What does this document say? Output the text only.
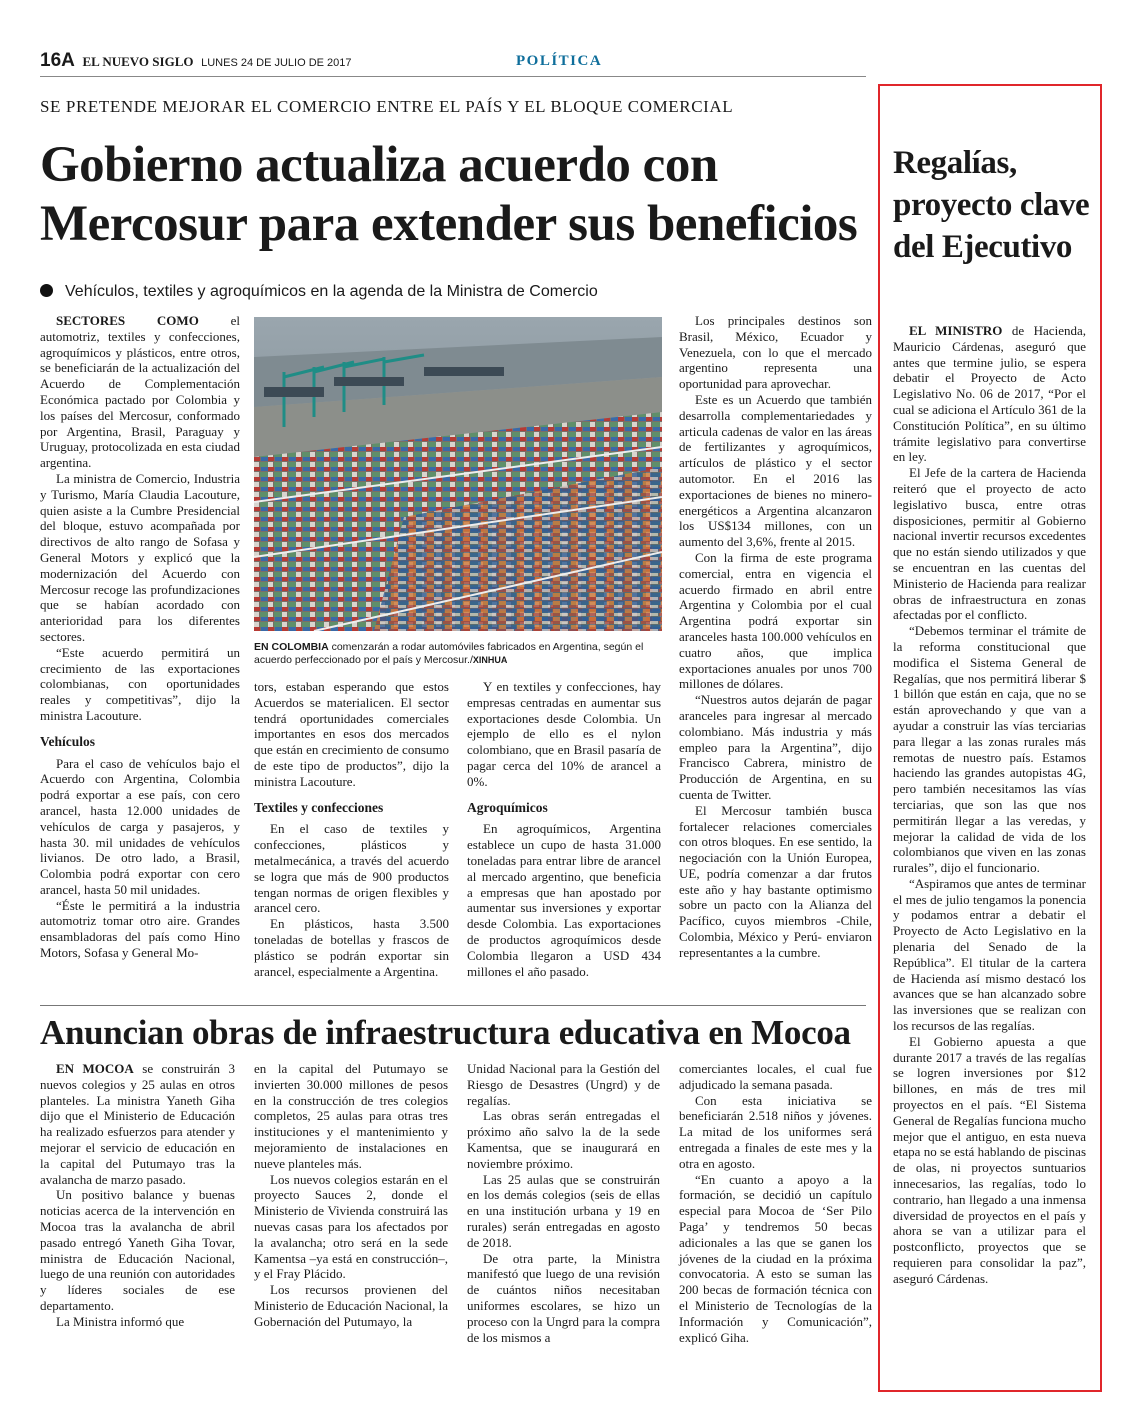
16A EL NUEVO SIGLO LUNES 24 DE JULIO DE 2017	POLÍTICA
SE PRETENDE MEJORAR EL COMERCIO ENTRE EL PAÍS Y EL BLOQUE COMERCIAL
Gobierno actualiza acuerdo con
Mercosur para extender sus beneficios
Vehículos, textiles y agroquímicos en la agenda de la Ministra de Comercio

SECTORES COMO el automotriz, textiles y confecciones, agroquímicos y plásticos, entre otros, se beneficiarán de la actualización del Acuerdo de Complementación Económica pactado por Colombia y los países del Mercosur, conformado por Argentina, Brasil, Paraguay y Uruguay, protocolizada en esta ciudad argentina.

La ministra de Comercio, Industria y Turismo, María Claudia Lacouture, quien asiste a la Cumbre Presidencial del bloque, estuvo acompañada por directivos de alto rango de Sofasa y General Motors y explicó que la modernización del Acuerdo con Mercosur recoge las profundizaciones que se habían acordado con anterioridad para los diferentes sectores.

“Este acuerdo permitirá un crecimiento de las exportaciones colombianas, con oportunidades reales y competitivas”, dijo la ministra Lacouture.

Vehículos

Para el caso de vehículos bajo el Acuerdo con Argentina, Colombia podrá exportar a ese país, con cero arancel, hasta 12.000 unidades de vehículos de carga y pasajeros, y hasta 30. mil unidades de vehículos livianos. De otro lado, a Brasil, Colombia podrá exportar con cero arancel, hasta 50 mil unidades.

“Éste le permitirá a la industria automotriz tomar otro aire. Grandes ensambladoras del país como Hino Motors, Sofasa y General Mo-

EN COLOMBIA comenzarán a rodar automóviles fabricados en Argentina, según el acuerdo perfeccionado por el país y Mercosur./XINHUA

tors, estaban esperando que estos Acuerdos se materialicen. El sector tendrá oportunidades comerciales importantes en esos dos mercados que están en crecimiento de consumo de este tipo de productos”, dijo la ministra Lacouture.

Textiles y confecciones

En el caso de textiles y confecciones, plásticos y metalmecánica, a través del acuerdo se logra que más de 900 productos tengan normas de origen flexibles y arancel cero.

En plásticos, hasta 3.500 toneladas de botellas y frascos de plástico se podrán exportar sin arancel, especialmente a Argentina.

Y en textiles y confecciones, hay empresas centradas en aumentar sus exportaciones desde Colombia. Un ejemplo de ello es el nylon colombiano, que en Brasil pasaría de pagar cerca del 10% de arancel a 0%.

Agroquímicos

En agroquímicos, Argentina establece un cupo de hasta 31.000 toneladas para entrar libre de arancel al mercado argentino, que beneficia a empresas que han apostado por aumentar sus inversiones y exportar desde Colombia. Las exportaciones de productos agroquímicos desde Colombia llegaron a USD 434 millones el año pasado.

Los principales destinos son Brasil, México, Ecuador y Venezuela, con lo que el mercado argentino representa una oportunidad para aprovechar.

Este es un Acuerdo que también desarrolla complementariedades y articula cadenas de valor en las áreas de fertilizantes y agroquímicos, artículos de plástico y el sector automotor. En el 2016 las exportaciones de bienes no minero-energéticos a Argentina alcanzaron los US$134 millones, con un aumento del 3,6%, frente al 2015.

Con la firma de este programa comercial, entra en vigencia el acuerdo firmado en abril entre Argentina y Colombia por el cual Argentina podrá exportar sin aranceles hasta 100.000 vehículos en cuatro años, que implica exportaciones anuales por unos 700 millones de dólares.

“Nuestros autos dejarán de pagar aranceles para ingresar al mercado colombiano. Más industria y más empleo para la Argentina”, dijo Francisco Cabrera, ministro de Producción de Argentina, en su cuenta de Twitter.

El Mercosur también busca fortalecer relaciones comerciales con otros bloques. En ese sentido, la negociación con la Unión Europea, UE, podría comenzar a dar frutos este año y hay bastante optimismo sobre un pacto con la Alianza del Pacífico, cuyos miembros -Chile, Colombia, México y Perú- enviaron representantes a la cumbre.

Anuncian obras de infraestructura educativa en Mocoa

EN MOCOA se construirán 3 nuevos colegios y 25 aulas en otros planteles. La ministra Yaneth Giha dijo que el Ministerio de Educación ha realizado esfuerzos para atender y mejorar el servicio de educación en la capital del Putumayo tras la avalancha de marzo pasado.

Un positivo balance y buenas noticias acerca de la intervención en Mocoa tras la avalancha de abril pasado entregó Yaneth Giha Tovar, ministra de Educación Nacional, luego de una reunión con autoridades y líderes sociales de ese departamento.

La Ministra informó que

en la capital del Putumayo se invierten 30.000 millones de pesos en la construcción de tres colegios completos, 25 aulas para otras tres instituciones y el mantenimiento y mejoramiento de instalaciones en nueve planteles más.

Los nuevos colegios estarán en el proyecto Sauces 2, donde el Ministerio de Vivienda construirá las nuevas casas para los afectados por la avalancha; otro será en la sede Kamentsa –ya está en construcción–, y el Fray Plácido.

Los recursos provienen del Ministerio de Educación Nacional, la Gobernación del Putumayo, la

Unidad Nacional para la Gestión del Riesgo de Desastres (Ungrd) y de regalías.

Las obras serán entregadas el próximo año salvo la de la sede Kamentsa, que se inaugurará en noviembre próximo.

Las 25 aulas que se construirán en los demás colegios (seis de ellas en una institución urbana y 19 en rurales) serán entregadas en agosto de 2018.

De otra parte, la Ministra manifestó que luego de una revisión de cuántos niños necesitaban uniformes escolares, se hizo un proceso con la Ungrd para la compra de los mismos a

comerciantes locales, el cual fue adjudicado la semana pasada.

Con esta iniciativa se beneficiarán 2.518 niños y jóvenes. La mitad de los uniformes será entregada a finales de este mes y la otra en agosto.

“En cuanto a apoyo a la formación, se decidió un capítulo especial para Mocoa de ‘Ser Pilo Paga’ y tendremos 50 becas adicionales a las que se ganen los jóvenes de la ciudad en la próxima convocatoria. A esto se suman las 200 becas de formación técnica con el Ministerio de Tecnologías de la Información y Comunicación”, explicó Giha.

Regalías, proyecto clave del Ejecutivo

EL MINISTRO de Hacienda, Mauricio Cárdenas, aseguró que antes que termine julio, se espera debatir el Proyecto de Acto Legislativo No. 06 de 2017, “Por el cual se adiciona el Artículo 361 de la Constitución Política”, en su último trámite legislativo para convertirse en ley.

El Jefe de la cartera de Hacienda reiteró que el proyecto de acto legislativo busca, entre otras disposiciones, permitir al Gobierno nacional invertir recursos excedentes que no están siendo utilizados y que se encuentran en las cuentas del Ministerio de Hacienda para realizar obras de infraestructura en zonas afectadas por el conflicto.

“Debemos terminar el trámite de la reforma constitucional que modifica el Sistema General de Regalías, que nos permitirá liberar $ 1 billón que están en caja, que no se están aprovechando y que van a ayudar a construir las vías terciarias para llegar a las zonas rurales más remotas de nuestro país. Estamos haciendo las grandes autopistas 4G, pero también necesitamos las vías terciarias, que son las que nos permitirán llegar a las veredas, y mejorar la calidad de vida de los colombianos que viven en las zonas rurales”, dijo el funcionario.

“Aspiramos que antes de terminar el mes de julio tengamos la ponencia y podamos entrar a debatir el Proyecto de Acto Legislativo en la plenaria del Senado de la República”. El titular de la cartera de Hacienda así mismo destacó los avances que se han alcanzado sobre las inversiones que se realizan con los recursos de las regalías.

El Gobierno apuesta a que durante 2017 a través de las regalías se logren inversiones por $12 billones, en más de tres mil proyectos en el país. “El Sistema General de Regalías funciona mucho mejor que el antiguo, en esta nueva etapa no se está hablando de piscinas de olas, ni proyectos suntuarios innecesarios, las regalías, todo lo contrario, han llegado a una inmensa diversidad de proyectos en el país y ahora se van a utilizar para el postconflicto, proyectos que se requieren para consolidar la paz”, aseguró Cárdenas.
